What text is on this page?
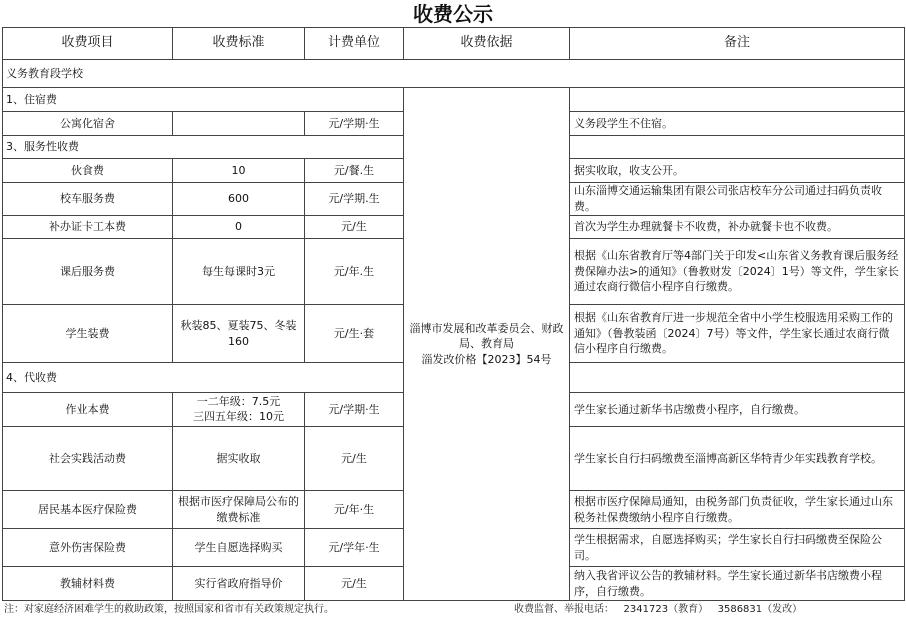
收费公示
收费项目	收费标准	计费单位	收费依据	备注
义务教育段学校				
1、住宿费			淄博市发展和改革委员会、财政局、教育局
淄发改价格【2023】54号	
公寓化宿舍		元/学期·生		义务段学生不住宿。
3、服务性收费				
伙食费	10	元/餐.生		据实收取，收支公开。
校车服务费	600	元/学期.生		山东淄博交通运输集团有限公司张店校车分公司通过扫码负责收费。
补办证卡工本费	0	元/生		首次为学生办理就餐卡不收费，补办就餐卡也不收费。
课后服务费	每生每课时3元	元/年.生		根据《山东省教育厅等4部门关于印发<山东省义务教育课后服务经费保障办法>的通知》（鲁教财发〔2024〕1号）等文件，学生家长通过农商行微信小程序自行缴费。
学生装费	秋装85、夏装75、冬装160	元/生·套		根据《山东省教育厅进一步规范全省中小学生校服选用采购工作的通知》（鲁教装函〔2024〕7号）等文件，学生家长通过农商行微信小程序自行缴费。
4、代收费				
作业本费	一二年级：7.5元
三四五年级：10元	元/学期·生		学生家长通过新华书店缴费小程序，自行缴费。
社会实践活动费	据实收取	元/生		学生家长自行扫码缴费至淄博高新区华特青少年实践教育学校。
居民基本医疗保险费	根据市医疗保障局公布的缴费标准	元/年·生		根据市医疗保障局通知，由税务部门负责征收，学生家长通过山东税务社保费缴纳小程序自行缴费。
意外伤害保险费	学生自愿选择购买	元/学年·生		学生根据需求，自愿选择购买；学生家长自行扫码缴费至保险公司。
教辅材料费	实行省政府指导价	元/生		纳入我省评议公告的教辅材料。学生家长通过新华书店缴费小程序，自行缴费。
注：对家庭经济困难学生的救助政策，按照国家和省市有关政策规定执行。	收费监督、举报电话：   2341723（教育）   3586831（发改）
